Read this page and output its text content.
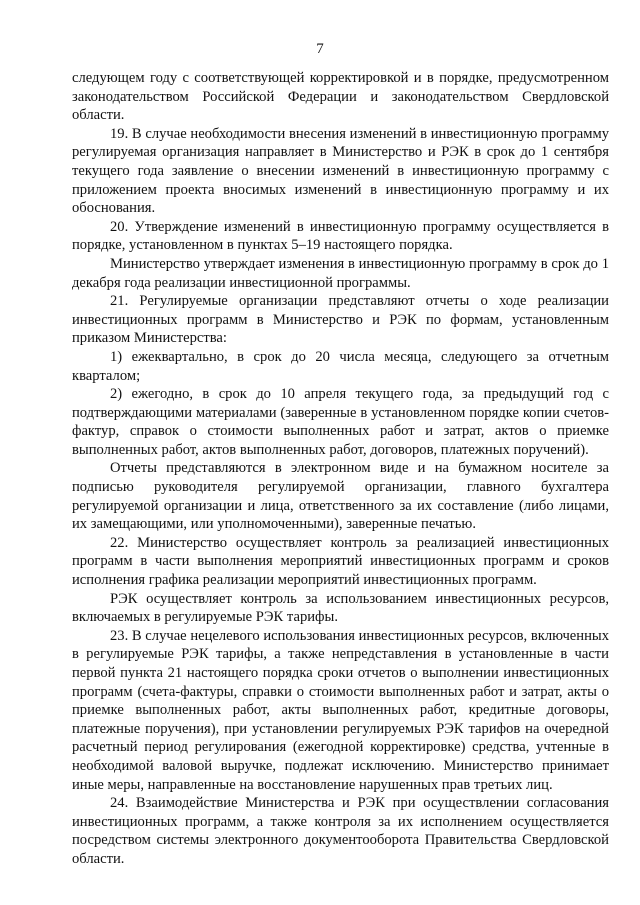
7

следующем году с соответствующей корректировкой и в порядке, предусмотренном законодательством Российской Федерации и законодательством Свердловской области.

19. В случае необходимости внесения изменений в инвестиционную программу регулируемая организация направляет в Министерство и РЭК в срок до 1 сентября текущего года заявление о внесении изменений в инвестиционную программу с приложением проекта вносимых изменений в инвестиционную программу и их обоснования.

20. Утверждение изменений в инвестиционную программу осуществляется в порядке, установленном в пунктах 5–19 настоящего порядка.

Министерство утверждает изменения в инвестиционную программу в срок до 1 декабря года реализации инвестиционной программы.

21. Регулируемые организации представляют отчеты о ходе реализации инвестиционных программ в Министерство и РЭК по формам, установленным приказом Министерства:

1) ежеквартально, в срок до 20 числа месяца, следующего за отчетным кварталом;

2) ежегодно, в срок до 10 апреля текущего года, за предыдущий год с подтверждающими материалами (заверенные в установленном порядке копии счетов-фактур, справок о стоимости выполненных работ и затрат, актов о приемке выполненных работ, актов выполненных работ, договоров, платежных поручений).

Отчеты представляются в электронном виде и на бумажном носителе за подписью руководителя регулируемой организации, главного бухгалтера регулируемой организации и лица, ответственного за их составление (либо лицами, их замещающими, или уполномоченными), заверенные печатью.

22. Министерство осуществляет контроль за реализацией инвестиционных программ в части выполнения мероприятий инвестиционных программ и сроков исполнения графика реализации мероприятий инвестиционных программ.

РЭК осуществляет контроль за использованием инвестиционных ресурсов, включаемых в регулируемые РЭК тарифы.

23. В случае нецелевого использования инвестиционных ресурсов, включенных в регулируемые РЭК тарифы, а также непредставления в установленные в части первой пункта 21 настоящего порядка сроки отчетов о выполнении инвестиционных программ (счета-фактуры, справки о стоимости выполненных работ и затрат, акты о приемке выполненных работ, акты выполненных работ, кредитные договоры, платежные поручения), при установлении регулируемых РЭК тарифов на очередной расчетный период регулирования (ежегодной корректировке) средства, учтенные в необходимой валовой выручке, подлежат исключению. Министерство принимает иные меры, направленные на восстановление нарушенных прав третьих лиц.

24. Взаимодействие Министерства и РЭК при осуществлении согласования инвестиционных программ, а также контроля за их исполнением осуществляется посредством системы электронного документооборота Правительства Свердловской области.
